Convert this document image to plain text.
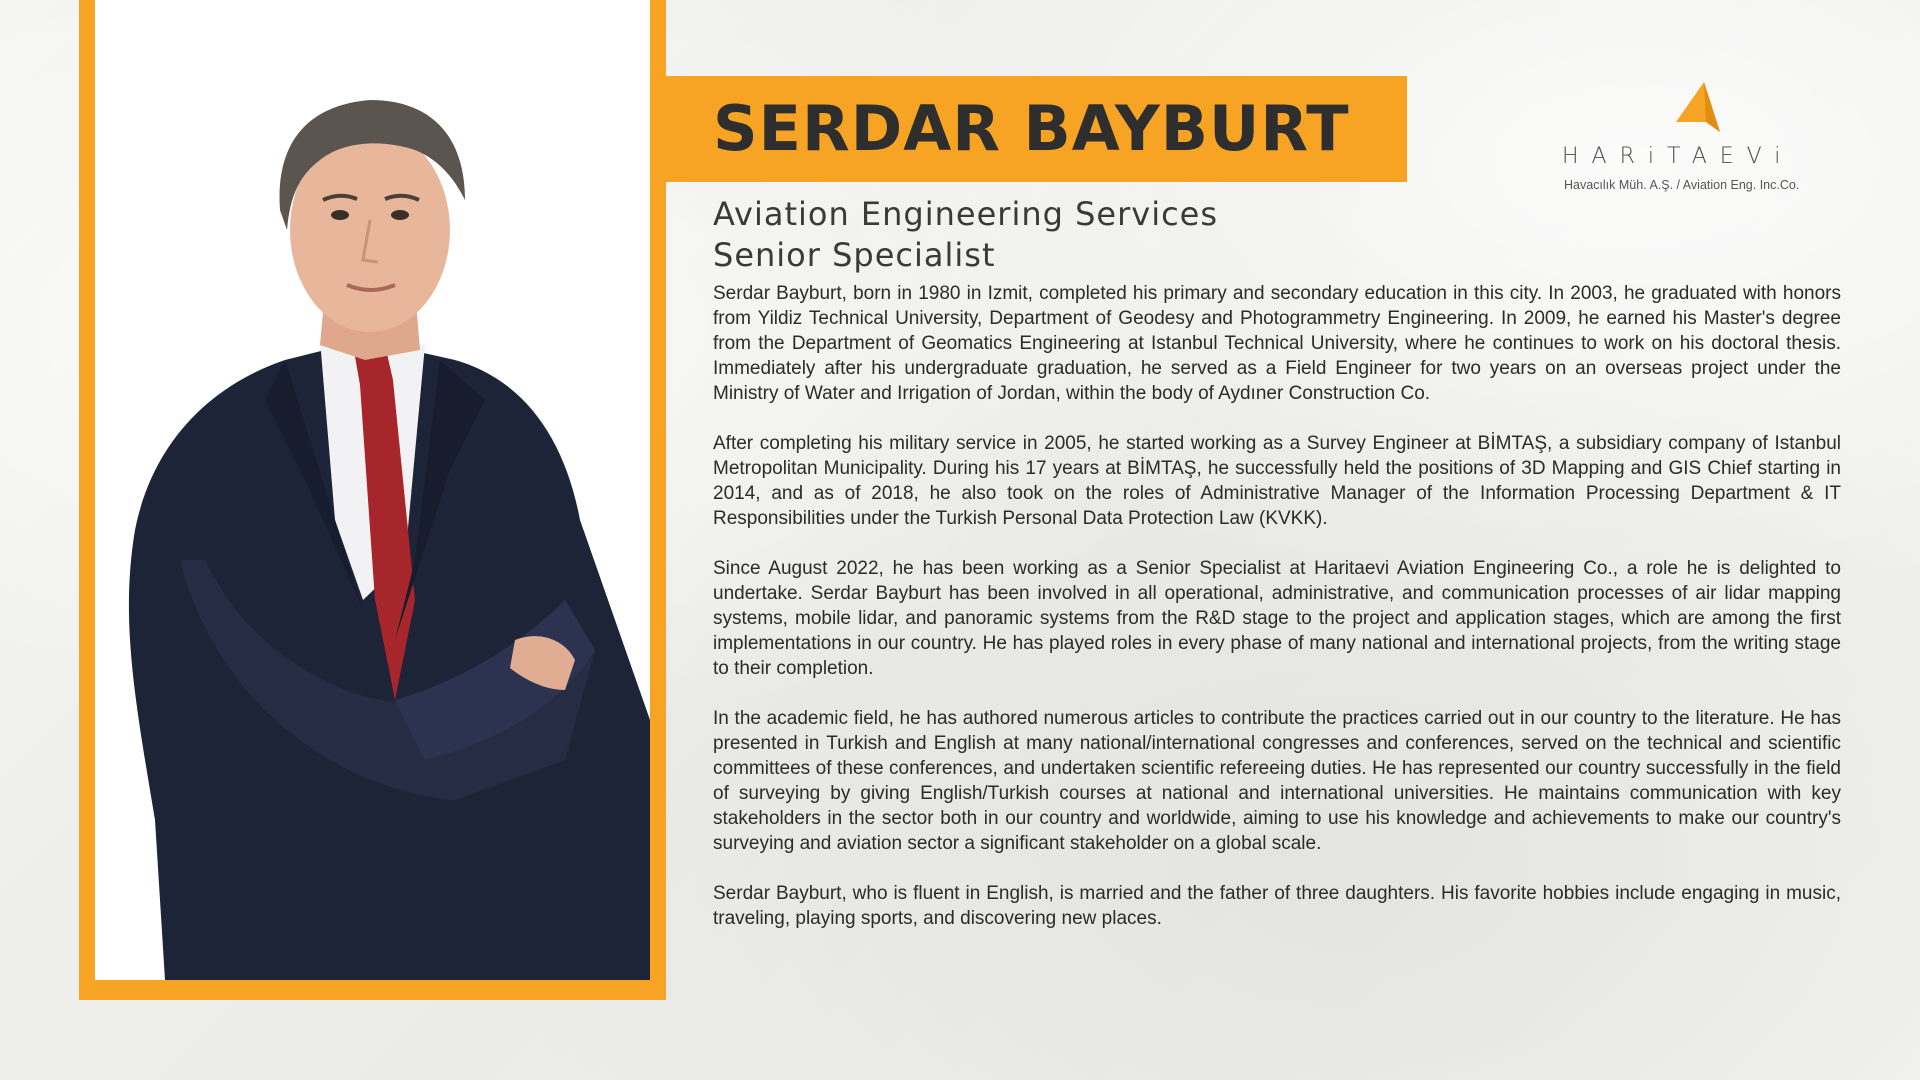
SERDAR BAYBURT
Aviation Engineering Services
Senior Specialist

Serdar Bayburt, born in 1980 in Izmit, completed his primary and secondary education in this city. In 2003, he graduated with honors from Yildiz Technical University, Department of Geodesy and Photogrammetry Engineering. In 2009, he earned his Master's degree from the Department of Geomatics Engineering at Istanbul Technical University, where he continues to work on his doctoral thesis. Immediately after his undergraduate graduation, he served as a Field Engineer for two years on an overseas project under the Ministry of Water and Irrigation of Jordan, within the body of Aydıner Construction Co.

After completing his military service in 2005, he started working as a Survey Engineer at BİMTAŞ, a subsidiary company of Istanbul Metropolitan Municipality. During his 17 years at BİMTAŞ, he successfully held the positions of 3D Mapping and GIS Chief starting in 2014, and as of 2018, he also took on the roles of Administrative Manager of the Information Processing Department & IT Responsibilities under the Turkish Personal Data Protection Law (KVKK).

Since August 2022, he has been working as a Senior Specialist at Haritaevi Aviation Engineering Co., a role he is delighted to undertake. Serdar Bayburt has been involved in all operational, administrative, and communication processes of air lidar mapping systems, mobile lidar, and panoramic systems from the R&D stage to the project and application stages, which are among the first implementations in our country. He has played roles in every phase of many national and international projects, from the writing stage to their completion.

In the academic field, he has authored numerous articles to contribute the practices carried out in our country to the literature. He has presented in Turkish and English at many national/international congresses and conferences, served on the technical and scientific committees of these conferences, and undertaken scientific refereeing duties. He has represented our country successfully in the field of surveying by giving English/Turkish courses at national and international universities. He maintains communication with key stakeholders in the sector both in our country and worldwide, aiming to use his knowledge and achievements to make our country's surveying and aviation sector a significant stakeholder on a global scale.

Serdar Bayburt, who is fluent in English, is married and the father of three daughters. His favorite hobbies include engaging in music, traveling, playing sports, and discovering new places.

HARiTAEVi
Havacılık Müh. A.Ş. / Aviation Eng. Inc.Co.
